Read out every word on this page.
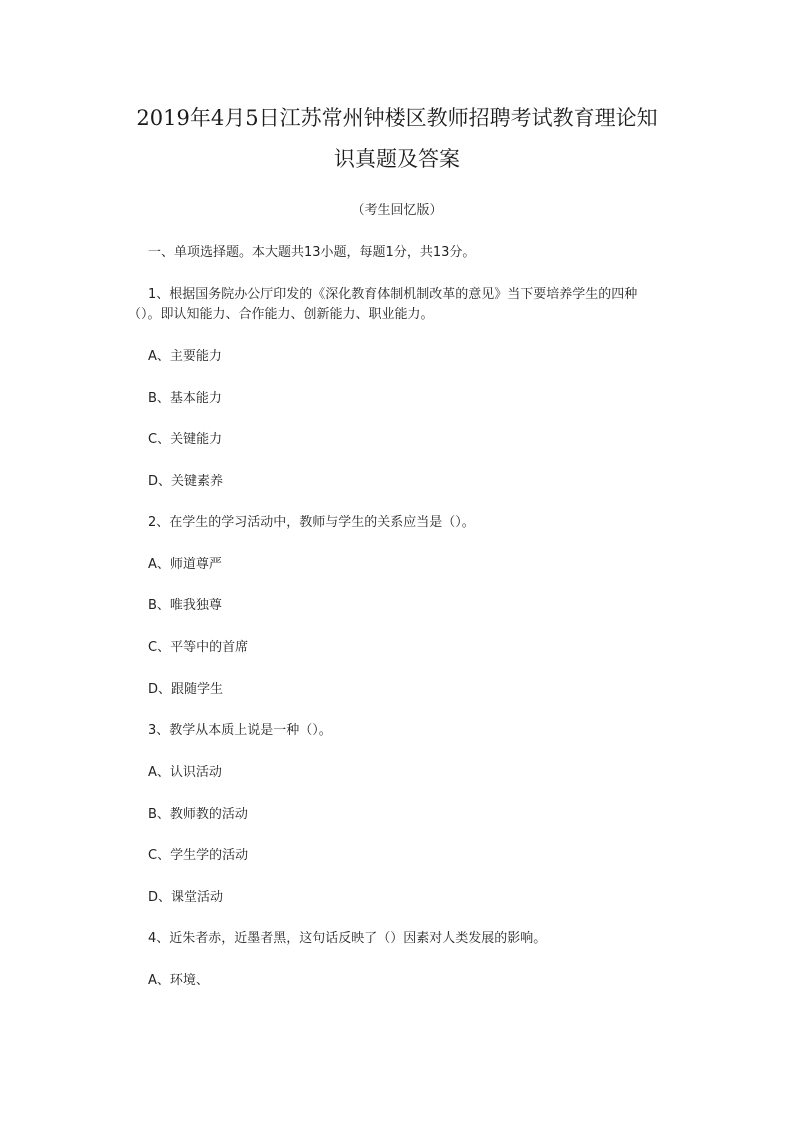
2019年4月5日江苏常州钟楼区教师招聘考试教育理论知
识真题及答案

（考生回忆版）

一、单项选择题。本大题共13小题，每题1分，共13分。

1、根据国务院办公厅印发的《深化教育体制机制改革的意见》当下要培养学生的四种

（）。即认知能力、合作能力、创新能力、职业能力。

A、主要能力

B、基本能力

C、关键能力

D、关键素养

2、在学生的学习活动中，教师与学生的关系应当是（）。

A、师道尊严

B、唯我独尊

C、平等中的首席

D、跟随学生

3、教学从本质上说是一种（）。

A、认识活动

B、教师教的活动

C、学生学的活动

D、课堂活动

4、近朱者赤，近墨者黑，这句话反映了（）因素对人类发展的影响。

A、环境、
